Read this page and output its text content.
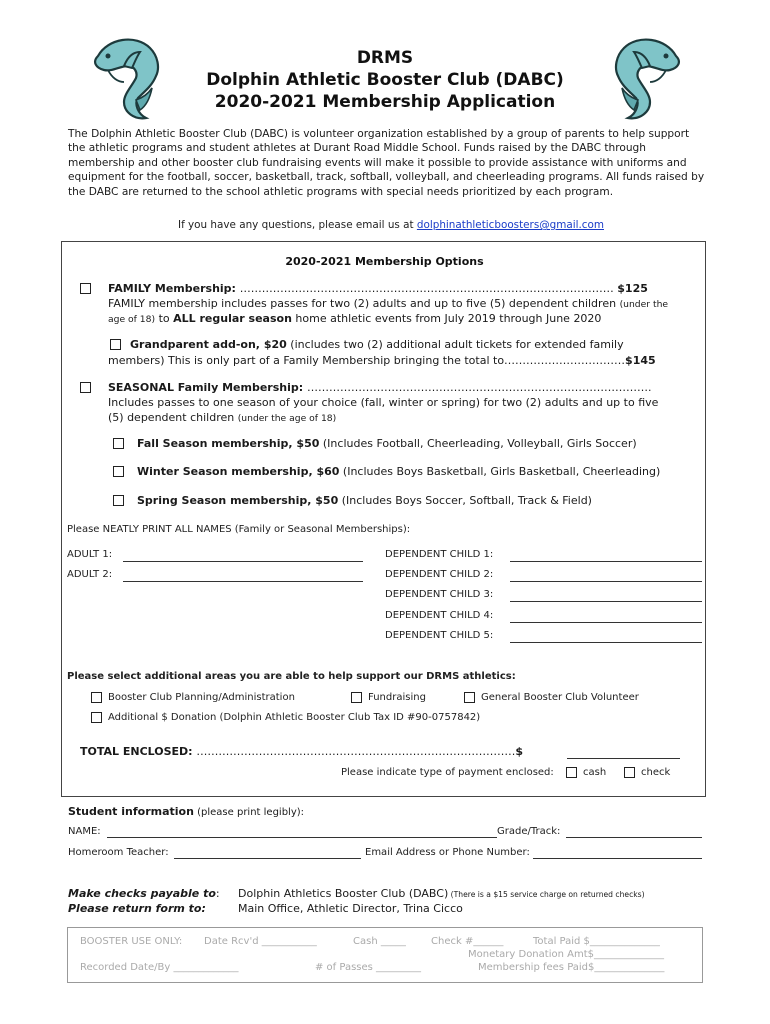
DRMS
Dolphin Athletic Booster Club (DABC)
2020-2021 Membership Application
The Dolphin Athletic Booster Club (DABC) is volunteer organization established by a group of parents to help support the athletic programs and student athletes at Durant Road Middle School. Funds raised by the DABC through membership and other booster club fundraising events will make it possible to provide assistance with uniforms and equipment for the football, soccer, basketball, track, softball, volleyball, and cheerleading programs. All funds raised by the DABC are returned to the school athletic programs with special needs prioritized by each program.
If you have any questions, please email us at dolphinathleticboosters@gmail.com
2020-2021 Membership Options
FAMILY Membership: ………………………………………………………………………………………… $125
FAMILY membership includes passes for two (2) adults and up to five (5) dependent children (under the
age of 18) to ALL regular season home athletic events from July 2019 through June 2020
Grandparent add-on, $20 (includes two (2) additional adult tickets for extended family
members) This is only part of a Family Membership bringing the total to……………………………$145
SEASONAL Family Membership: ………………………………………………………………………………….
Includes passes to one season of your choice (fall, winter or spring) for two (2) adults and up to five
(5) dependent children (under the age of 18)
Fall Season membership, $50 (Includes Football, Cheerleading, Volleyball, Girls Soccer)
Winter Season membership, $60 (Includes Boys Basketball, Girls Basketball, Cheerleading)
Spring Season membership, $50 (Includes Boys Soccer, Softball, Track & Field)
Please NEATLY PRINT ALL NAMES (Family or Seasonal Memberships):
ADULT 1:
ADULT 2:
DEPENDENT CHILD 1:
DEPENDENT CHILD 2:
DEPENDENT CHILD 3:
DEPENDENT CHILD 4:
DEPENDENT CHILD 5:
Please select additional areas you are able to help support our DRMS athletics:
Booster Club Planning/Administration	Fundraising	General Booster Club Volunteer
Additional $ Donation (Dolphin Athletic Booster Club Tax ID #90-0757842)
TOTAL ENCLOSED: ……………………………………………………………………………$
Please indicate type of payment enclosed:	cash	check
Student information (please print legibly):
NAME:	Grade/Track:
Homeroom Teacher:	Email Address or Phone Number:
Make checks payable to: Dolphin Athletics Booster Club (DABC) (There is a $15 service charge on returned checks)
Please return form to:	Main Office, Athletic Director, Trina Cicco
BOOSTER USE ONLY: Date Rcv'd ___________	Cash _____	Check #______	Total Paid $______________
Monetary Donation Amt$______________
Recorded Date/By _____________	# of Passes _________	Membership fees Paid$______________
